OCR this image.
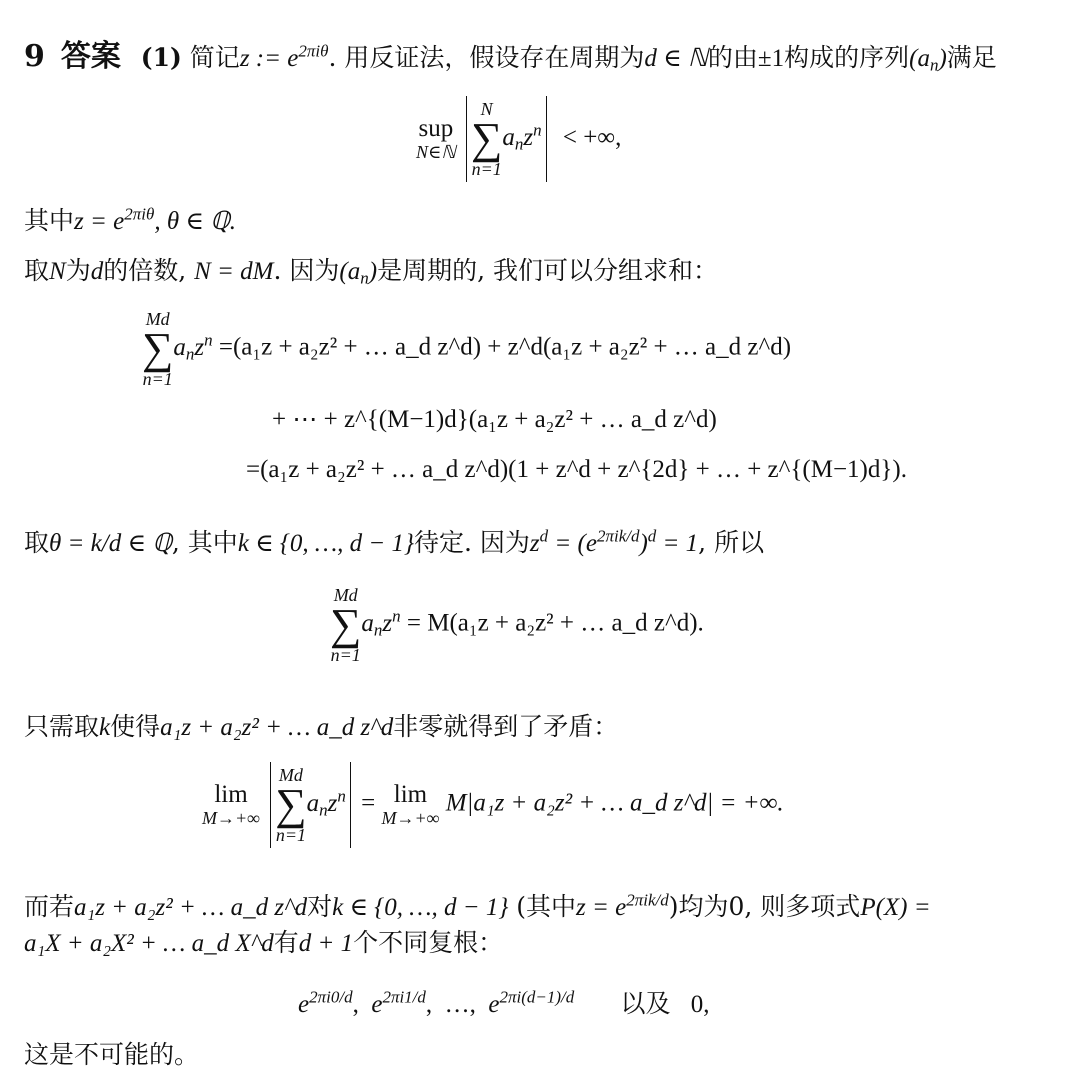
9 答案 (1) 简记z := $e^{2\pi i\theta}$. 用反证法，假设存在周期为d ∈ ℕ的由±1构成的序列$(a_n)$满足
sup
N∈ℕ

N
∑
n=1
$a_nz^n$ < +∞,
其中$z = e^{2\pi i\theta}$, θ ∈ ℚ.
取N为d的倍数, N = dM. 因为$(a_n)$是周期的, 我们可以分组求和：
Md
∑
n=1
$a_nz^n =(a_1z + a_2z^2$ + … a_d z^d) + z^d(a₁z + a₂z² + … a_d z^d)
+ ⋯ + z^{(M−1)d}(a₁z + a₂z² + … a_d z^d)
=(a₁z + a₂z² + … a_d z^d)(1 + z^d + z^{2d} + … + z^{(M−1)d}).
取θ = k/d ∈ ℚ, 其中k ∈ {0, …, d − 1}待定. 因为$z^d = (e^{2\pi ik/d})^d = 1$, 所以
Md
∑
n=1
$a_nz^n = M(a_1z + a_2z^2$ + … a_d z^d).
只需取k使得a₁z + a₂z² + … a_d z^d非零就得到了矛盾：
lim
M→+∞

Md
∑
n=1
$a_nz^n = \lim$
M→+∞
M|a₁z + a₂z² + … a_d z^d| = +∞.
而若a₁z + a₂z² + … a_d z^d对k ∈ {0, …, d − 1} (其中$z = e^{2\pi ik/d}$)均为0, 则多项式P(X) =
a₁X + a₂X² + … a_d X^d有d + 1个不同复根：
$e^{2\pi i0/d}$,  $e^{2\pi i1/d}$,  …,  $e^{2\pi i(d-1)/d}$ 以及 0,
这是不可能的。
